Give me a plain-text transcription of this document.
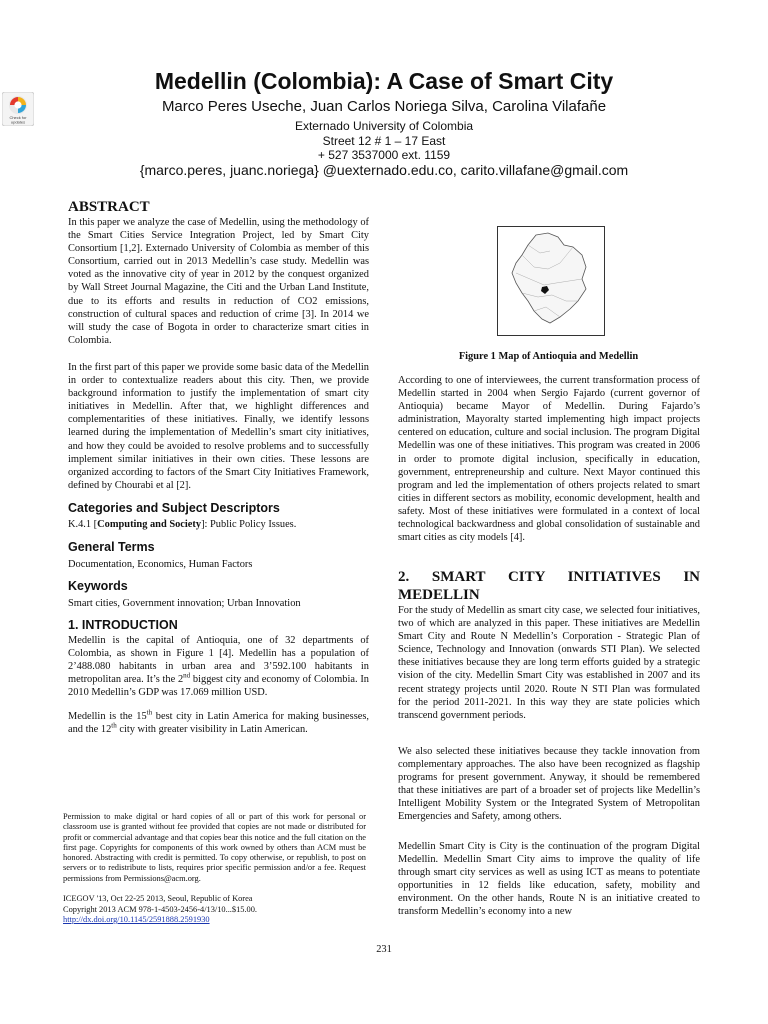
Check for
updates
Medellin (Colombia): A Case of Smart City
Marco Peres Useche, Juan Carlos Noriega Silva, Carolina Vilafañe
Externado University of Colombia
Street 12 # 1 – 17 East
+ 527 3537000 ext. 1159
{marco.peres, juanc.noriega} @uexternado.edu.co, carito.villafane@gmail.com
ABSTRACT
In this paper we analyze the case of Medellin, using the methodology of the Smart Cities Service Integration Project, led by Smart City Consortium [1,2]. Externado University of Colombia as member of this Consortium, carried out in 2013 Medellin’s case study. Medellin was voted as the innovative city of year in 2012 by the conquest organized by Wall Street Journal Magazine, the Citi and the Urban Land Institute, due to its efforts and results in reduction of CO2 emissions, construction of cultural spaces and reduction of crime [3]. In 2014 we will study the case of Bogota in order to characterize smart cities in Colombia.
In the first part of this paper we provide some basic data of the Medellin in order to contextualize readers about this city. Then, we provide background information to justify the implementation of smart city initiatives in Medellin. After that, we highlight differences and complementarities of these initiatives. Finally, we identify lessons learned during the implementation of Medellin’s smart city initiatives, and how they could be avoided to resolve problems and to successfully implement similar initiatives in their own cities. These lessons are organized according to factors of the Smart City Initiatives Framework, defined by Chourabi et al [2].
Categories and Subject Descriptors
K.4.1 [Computing and Society]: Public Policy Issues.
General Terms
Documentation, Economics, Human Factors
Keywords
Smart cities, Government innovation; Urban Innovation
1. INTRODUCTION
Medellin is the capital of Antioquia, one of 32 departments of Colombia, as shown in Figure 1 [4]. Medellin has a population of 2’488.080 habitants in urban area and 3’592.100 habitants in metropolitan area. It’s the 2nd biggest city and economy of Colombia. In 2010 Medellin’s GDP was 17.069 million USD.
Medellin is the 15th best city in Latin America for making businesses, and the 12th city with greater visibility in Latin American.
Permission to make digital or hard copies of all or part of this work for personal or classroom use is granted without fee provided that copies are not made or distributed for profit or commercial advantage and that copies bear this notice and the full citation on the first page. Copyrights for components of this work owned by others than ACM must be honored. Abstracting with credit is permitted. To copy otherwise, or republish, to post on servers or to redistribute to lists, requires prior specific permission and/or a fee. Request permissions from Permissions@acm.org.
ICEGOV '13, Oct 22-25 2013, Seoul, Republic of Korea
Copyright 2013 ACM 978-1-4503-2456-4/13/10...$15.00.
http://dx.doi.org/10.1145/2591888.2591930
Figure 1 Map of Antioquia and Medellin
According to one of interviewees, the current transformation process of Medellin started in 2004 when Sergio Fajardo (current governor of Antioquia) became Mayor of Medellin. During Fajardo’s administration, Mayoralty started implementing high impact projects centered on education, culture and social inclusion. The program Digital Medellin was one of these initiatives. This program was created in 2006 in order to promote digital inclusion, specifically in education, government, entrepreneurship and culture. Next Mayor continued this program and led the implementation of others projects related to smart cities in different sectors as mobility, economic development, health and safety. Most of these initiatives were formulated in a context of local technological backwardness and global consolidation of sustainable and smart cities as city models [4].
2. SMART CITY INITIATIVES IN MEDELLIN
For the study of Medellin as smart city case, we selected four initiatives, two of which are analyzed in this paper. These initiatives are Medellin Smart City and Route N Medellin’s Corporation - Strategic Plan of Science, Technology and Innovation (onwards STI Plan). We selected these initiatives because they are long term efforts guided by a strategic vision of the city. Medellin Smart City was established in 2007 and its recent strategy projects until 2020. Route N STI Plan was formulated for the period 2011-2021. In this way they are state policies which transcend government periods.
We also selected these initiatives because they tackle innovation from complementary approaches. The also have been recognized as flagship programs for present government. Anyway, it should be remembered that these initiatives are part of a broader set of projects like Medellin’s Intelligent Mobility System or the Integrated System of Metropolitan Emergencies and Safety, among others.
Medellin Smart City is City is the continuation of the program Digital Medellin. Medellin Smart City aims to improve the quality of life through smart city services as well as using ICT as means to potentiate opportunities in 12 fields like education, safety, mobility and environment. On the other hands, Route N is an initiative created to transform Medellin’s economy into a new
231
